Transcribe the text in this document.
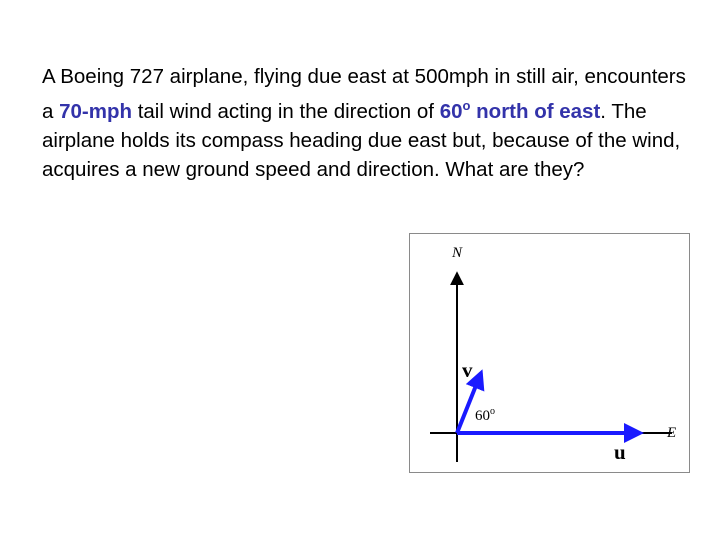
A Boeing 727 airplane, flying due east at 500mph in still air, encounters a 70-mph tail wind acting in the direction of 60$^o$ north of east. The airplane holds its compass heading due east but, because of the wind, acquires a new ground speed and direction. What are they?
N
E
v
u
60$^o$
